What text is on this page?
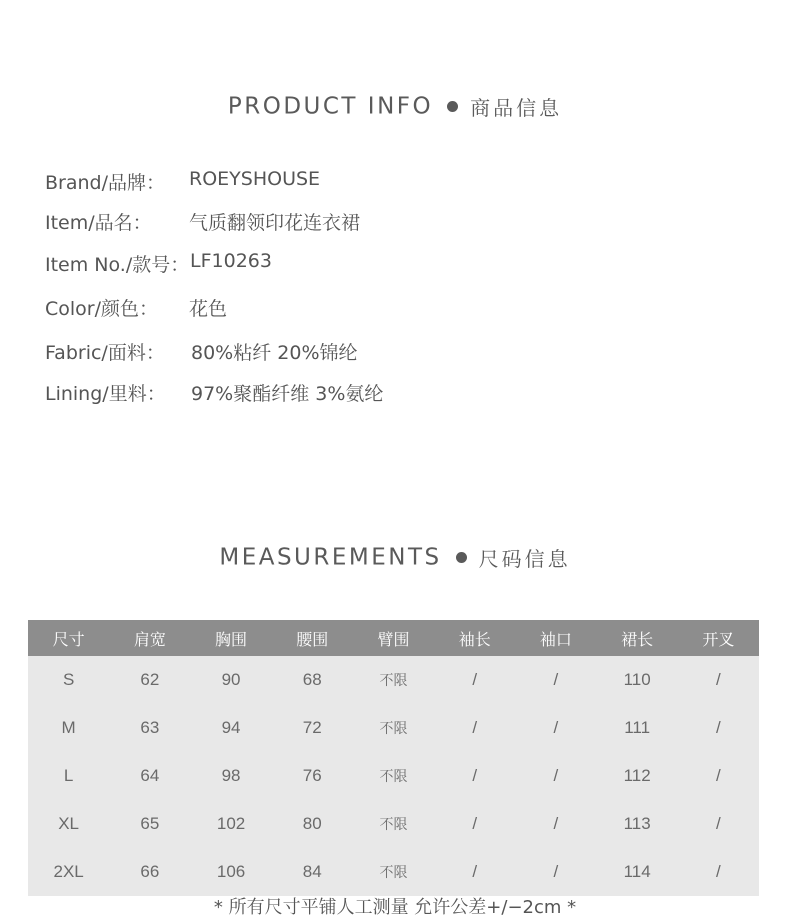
PRODUCT INFO 商品信息
Brand/品牌： ROEYSHOUSE
Item/品名： 气质翻领印花连衣裙
Item No./款号： LF10263
Color/颜色： 花色
Fabric/面料： 80%粘纤 20%锦纶
Lining/里料： 97%聚酯纤维 3%氨纶
MEASUREMENTS 尺码信息
尺寸	肩宽	胸围	腰围	臂围	袖长	袖口	裙长	开叉
S	62	90	68	不限	/	/	110	/
M	63	94	72	不限	/	/	111	/
L	64	98	76	不限	/	/	112	/
XL	65	102	80	不限	/	/	113	/
2XL	66	106	84	不限	/	/	114	/
* 所有尺寸平铺人工测量 允许公差+/−2cm *
